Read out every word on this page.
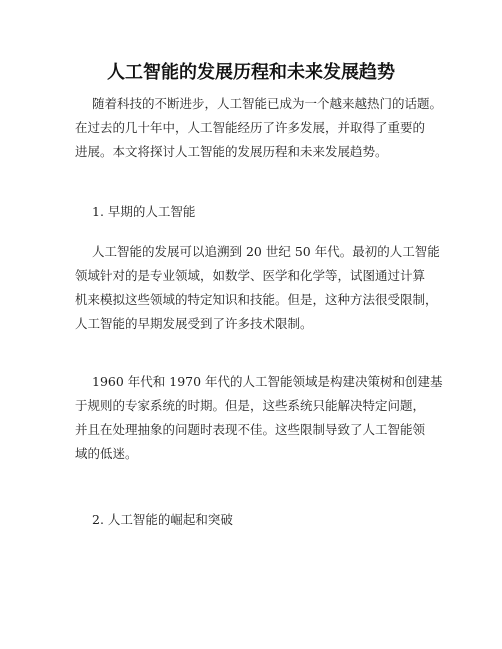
人工智能的发展历程和未来发展趋势

随着科技的不断进步，人工智能已成为一个越来越热门的话题。
在过去的几十年中，人工智能经历了许多发展，并取得了重要的
进展。本文将探讨人工智能的发展历程和未来发展趋势。

1. 早期的人工智能

人工智能的发展可以追溯到 20 世纪 50 年代。最初的人工智能
领域针对的是专业领域，如数学、医学和化学等，试图通过计算
机来模拟这些领域的特定知识和技能。但是，这种方法很受限制，
人工智能的早期发展受到了许多技术限制。

1960 年代和 1970 年代的人工智能领域是构建决策树和创建基
于规则的专家系统的时期。但是，这些系统只能解决特定问题，
并且在处理抽象的问题时表现不佳。这些限制导致了人工智能领
域的低迷。

2. 人工智能的崛起和突破
